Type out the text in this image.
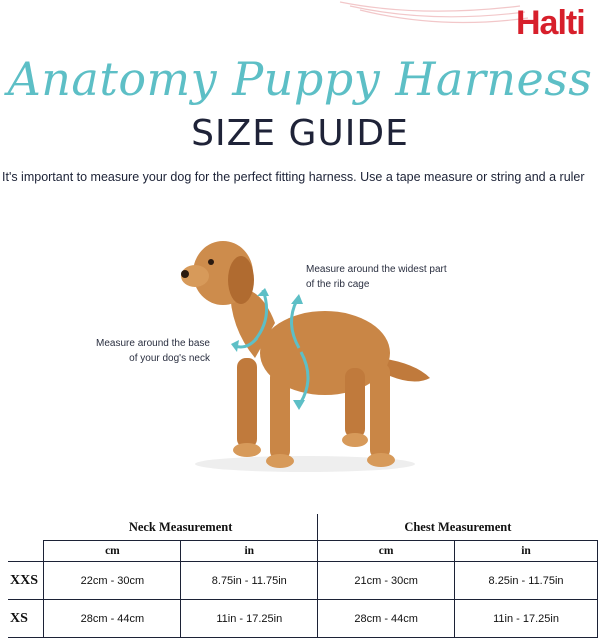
Halti
Anatomy Puppy Harness
SIZE GUIDE
It's important to measure your dog for the perfect fitting harness. Use a tape measure or string and a ruler
Measure around the widest part of the rib cage
Measure around the base of your dog's neck
	Neck Measurement		Chest Measurement	
	cm	in	cm	in
XXS	22cm - 30cm	8.75in - 11.75in	21cm - 30cm	8.25in - 11.75in
XS	28cm - 44cm	11in - 17.25in	28cm - 44cm	11in - 17.25in
